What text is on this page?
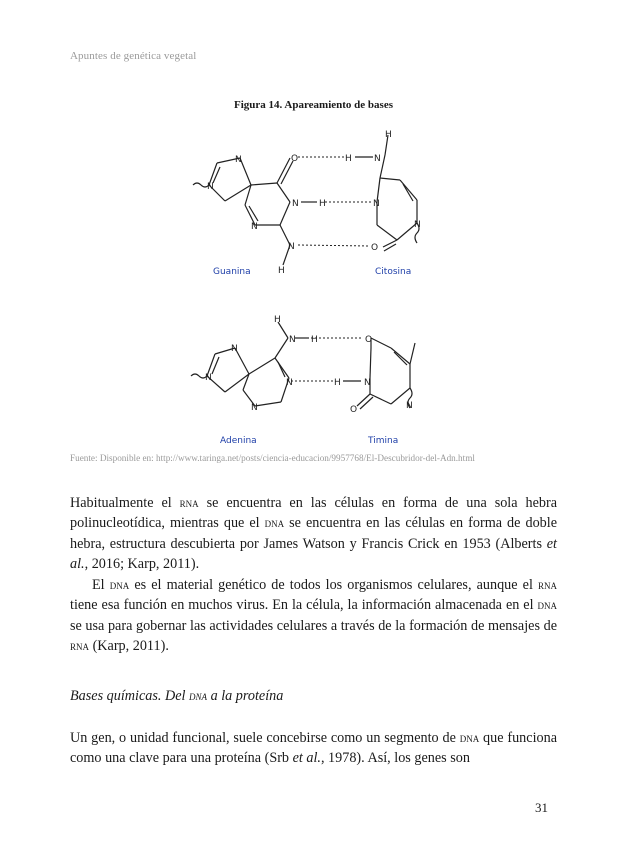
Apuntes de genética vegetal
Figura 14. Apareamiento de bases
N
N
N
O
N H
N
H
H N
H
N
N
O
Guanina	Citosina
N
N
N
N
N
H
H
H
O
N
N
O
Adenina	Timina
Fuente: Disponible en: http://www.taringa.net/posts/ciencia-educacion/9957768/El-Descubridor-del-Adn.html

Habitualmente el rna se encuentra en las células en forma de una sola hebra polinucleotídica, mientras que el dna se encuentra en las células en forma de doble hebra, estructura descubierta por James Watson y Francis Crick en 1953 (Alberts et al., 2016; Karp, 2011).

El dna es el material genético de todos los organismos celulares, aunque el rna tiene esa función en muchos virus. En la célula, la información almacenada en el dna se usa para gobernar las actividades celulares a través de la formación de mensajes de rna (Karp, 2011).

Bases químicas. Del dna a la proteína

Un gen, o unidad funcional, suele concebirse como un segmento de dna que funciona como una clave para una proteína (Srb et al., 1978). Así, los genes son

31
